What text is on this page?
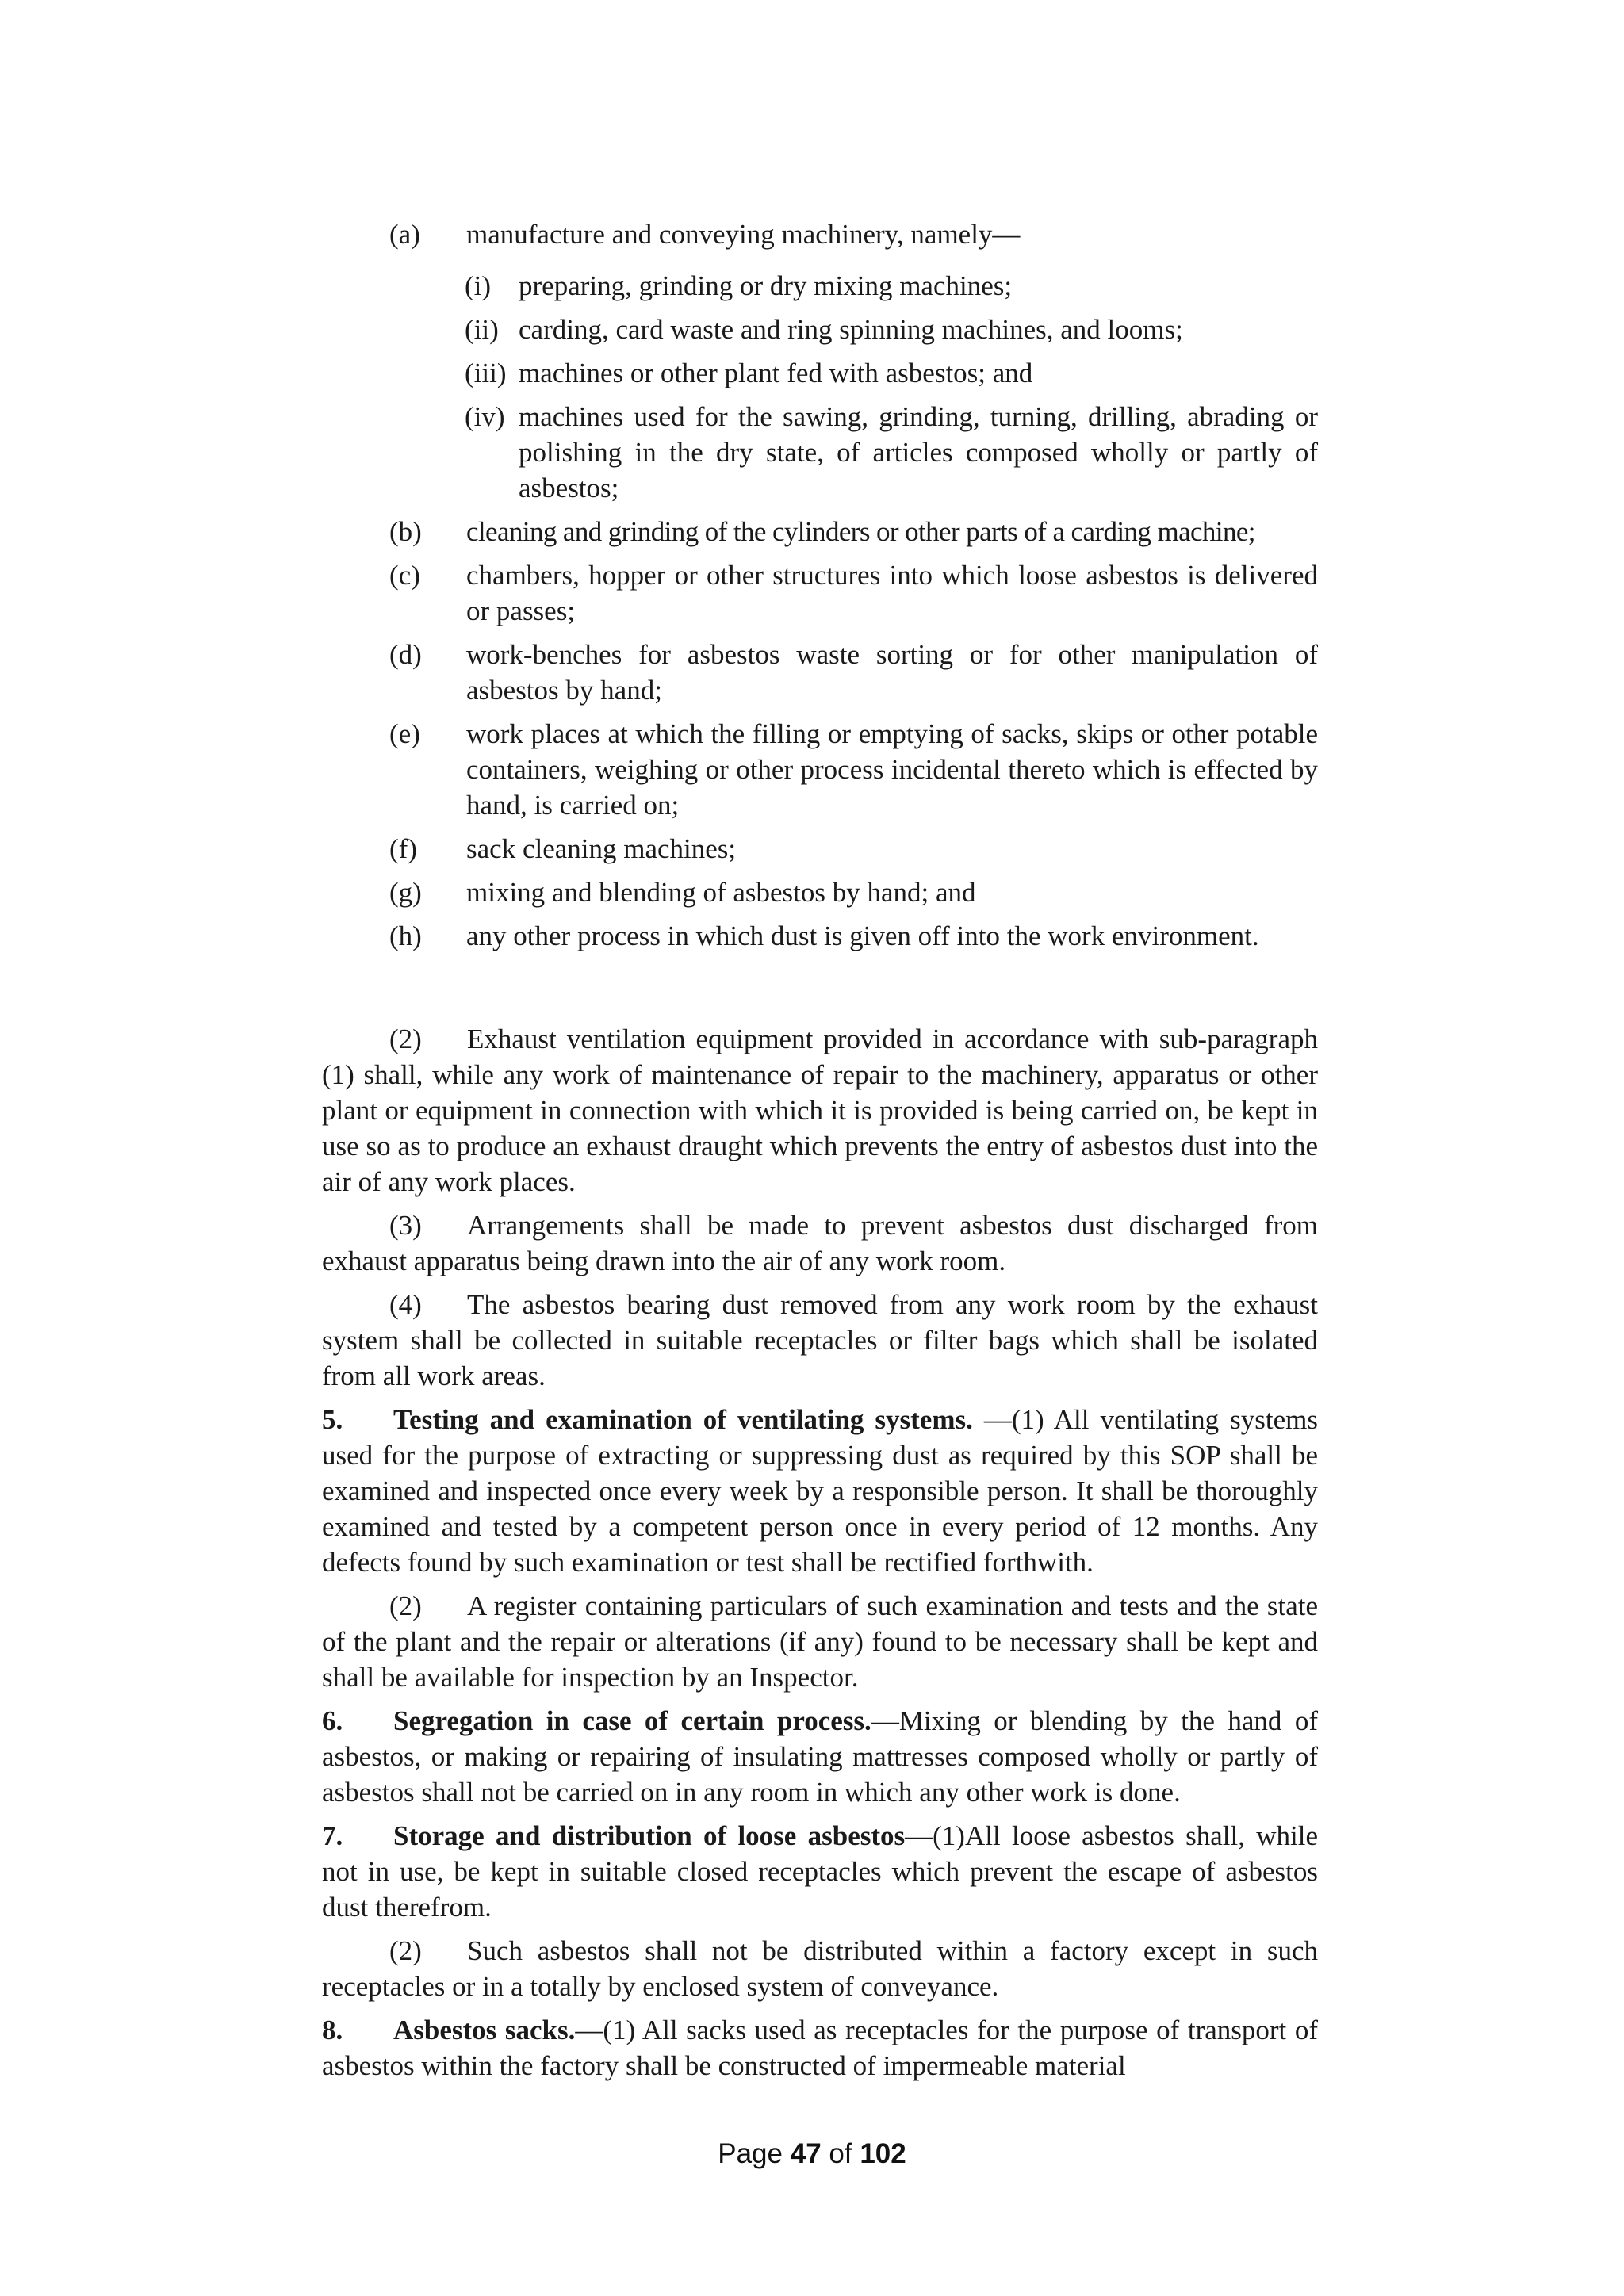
(a)	manufacture and conveying machinery, namely—
(i) preparing, grinding or dry mixing machines;
(ii) carding, card waste and ring spinning machines, and looms;
(iii) machines or other plant fed with asbestos; and
(iv) machines used for the sawing, grinding, turning, drilling, abrading or polishing in the dry state, of articles composed wholly or partly of asbestos;
(b)	cleaning and grinding of the cylinders or other parts of a carding machine;
(c)	chambers, hopper or other structures into which loose asbestos is delivered or passes;
(d)	work-benches for asbestos waste sorting or for other manipulation of asbestos by hand;
(e)	work places at which the filling or emptying of sacks, skips or other potable containers, weighing or other process incidental thereto which is effected by hand, is carried on;
(f)	sack cleaning machines;
(g)	mixing and blending of asbestos by hand; and
(h)	any other process in which dust is given off into the work environment.
(2) Exhaust ventilation equipment provided in accordance with sub-paragraph (1) shall, while any work of maintenance of repair to the machinery, apparatus or other plant or equipment in connection with which it is provided is being carried on, be kept in use so as to produce an exhaust draught which prevents the entry of asbestos dust into the air of any work places.
(3) Arrangements shall be made to prevent asbestos dust discharged from exhaust apparatus being drawn into the air of any work room.
(4) The asbestos bearing dust removed from any work room by the exhaust system shall be collected in suitable receptacles or filter bags which shall be isolated from all work areas.
5. Testing and examination of ventilating systems. —(1) All ventilating systems used for the purpose of extracting or suppressing dust as required by this SOP shall be examined and inspected once every week by a responsible person. It shall be thoroughly examined and tested by a competent person once in every period of 12 months. Any defects found by such examination or test shall be rectified forthwith.
(2) A register containing particulars of such examination and tests and the state of the plant and the repair or alterations (if any) found to be necessary shall be kept and shall be available for inspection by an Inspector.
6. Segregation in case of certain process.—Mixing or blending by the hand of asbestos, or making or repairing of insulating mattresses composed wholly or partly of asbestos shall not be carried on in any room in which any other work is done.
7. Storage and distribution of loose asbestos—(1)All loose asbestos shall, while not in use, be kept in suitable closed receptacles which prevent the escape of asbestos dust therefrom.
(2) Such asbestos shall not be distributed within a factory except in such receptacles or in a totally by enclosed system of conveyance.
8. Asbestos sacks.—(1) All sacks used as receptacles for the purpose of transport of asbestos within the factory shall be constructed of impermeable material
Page 47 of 102
